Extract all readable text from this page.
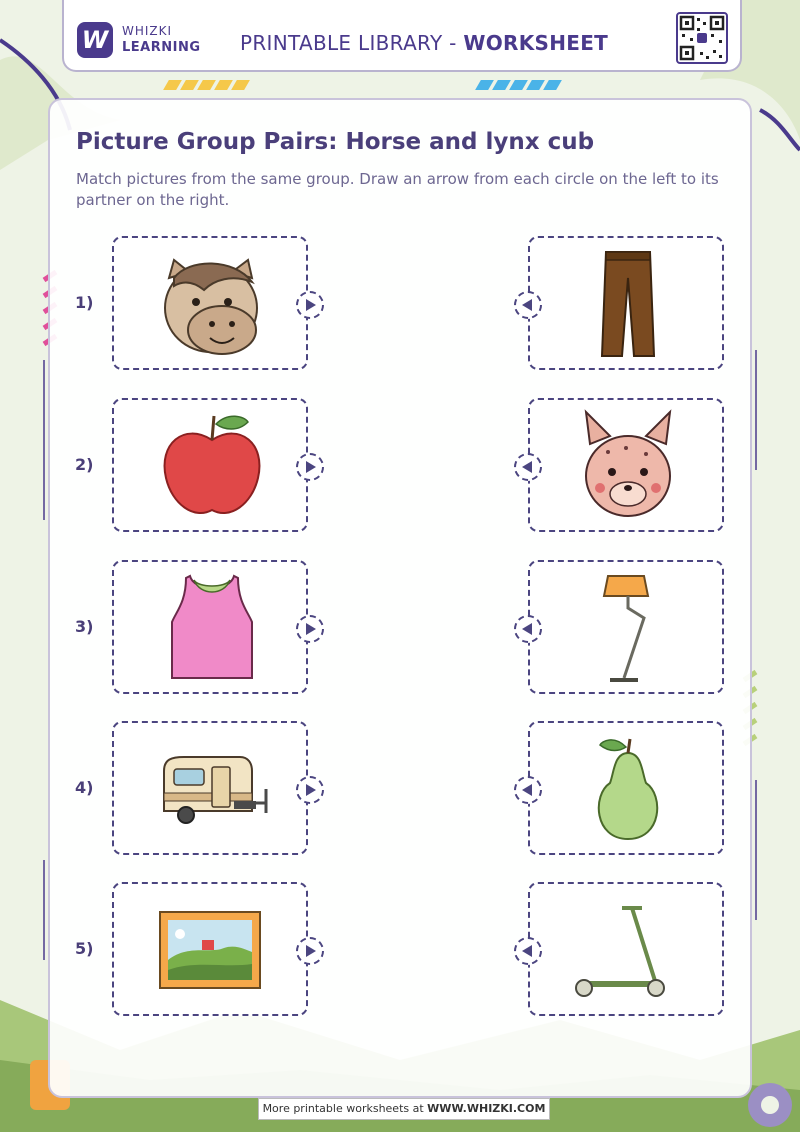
W	WHIZKI
LEARNING PRINTABLE LIBRARY - WORKSHEET
Picture Group Pairs: Horse and lynx cub
Match pictures from the same group. Draw an arrow from each circle on the left to its partner on the right.
1)
2)
3)
4)
5)
More printable worksheets at WWW.WHIZKI.COM
